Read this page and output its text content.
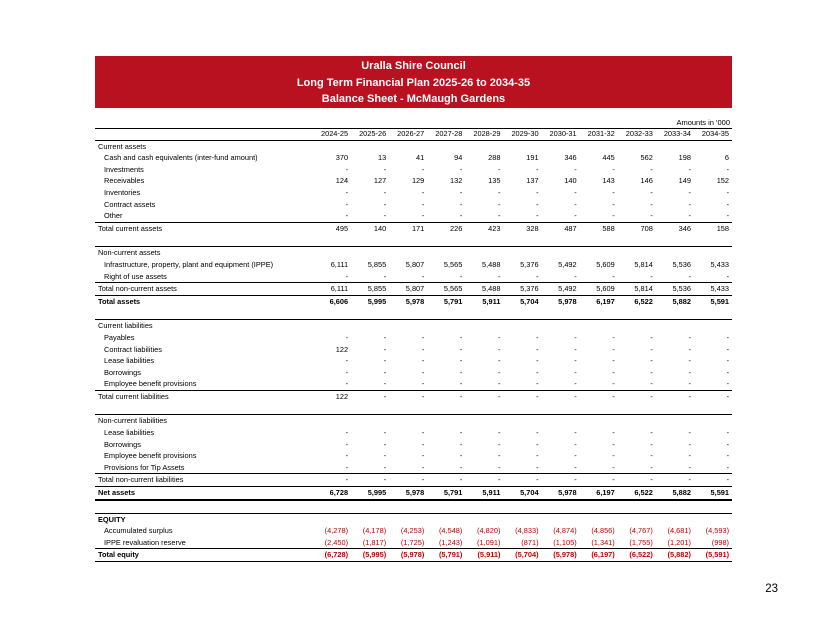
Uralla Shire Council
Long Term Financial Plan 2025-26 to 2034-35
Balance Sheet - McMaugh Gardens
Amounts in '000
	2024-25	2025-26	2026-27	2027-28	2028-29	2029-30	2030-31	2031-32	2032-33	2033-34	2034-35
Current assets											
Cash and cash equivalents (inter-fund amount)	370	13	41	94	288	191	346	445	562	198	6
Investments	-	-	-	-	-	-	-	-	-	-	-
Receivables	124	127	129	132	135	137	140	143	146	149	152
Inventories	-	-	-	-	-	-	-	-	-	-	-
Contract assets	-	-	-	-	-	-	-	-	-	-	-
Other	-	-	-	-	-	-	-	-	-	-	-
Total current assets	495	140	171	226	423	328	487	588	708	346	158

Non-current assets											
Infrastructure, property, plant and equipment (IPPE)	6,111	5,855	5,807	5,565	5,488	5,376	5,492	5,609	5,814	5,536	5,433
Right of use assets	-	-	-	-	-	-	-	-	-	-	-
Total non-current assets	6,111	5,855	5,807	5,565	5,488	5,376	5,492	5,609	5,814	5,536	5,433
Total assets	6,606	5,995	5,978	5,791	5,911	5,704	5,978	6,197	6,522	5,882	5,591

Current liabilities											
Payables	-	-	-	-	-	-	-	-	-	-	-
Contract liabilities	122	-	-	-	-	-	-	-	-	-	-
Lease liabilities	-	-	-	-	-	-	-	-	-	-	-
Borrowings	-	-	-	-	-	-	-	-	-	-	-
Employee benefit provisions	-	-	-	-	-	-	-	-	-	-	-
Total current liabilities	122	-	-	-	-	-	-	-	-	-	-

Non-current liabilities											
Lease liabilities	-	-	-	-	-	-	-	-	-	-	-
Borrowings	-	-	-	-	-	-	-	-	-	-	-
Employee benefit provisions	-	-	-	-	-	-	-	-	-	-	-
Provisions for Tip Assets	-	-	-	-	-	-	-	-	-	-	-
Total non-current liabilities	-	-	-	-	-	-	-	-	-	-	-
Net assets	6,728	5,995	5,978	5,791	5,911	5,704	5,978	6,197	6,522	5,882	5,591

EQUITY											
Accumulated surplus	(4,278)	(4,178)	(4,253)	(4,548)	(4,820)	(4,833)	(4,874)	(4,856)	(4,767)	(4,681)	(4,593)
IPPE revaluation reserve	(2,450)	(1,817)	(1,725)	(1,243)	(1,091)	(871)	(1,105)	(1,341)	(1,755)	(1,201)	(998)
Total equity	(6,728)	(5,995)	(5,978)	(5,791)	(5,911)	(5,704)	(5,978)	(6,197)	(6,522)	(5,882)	(5,591)
23
